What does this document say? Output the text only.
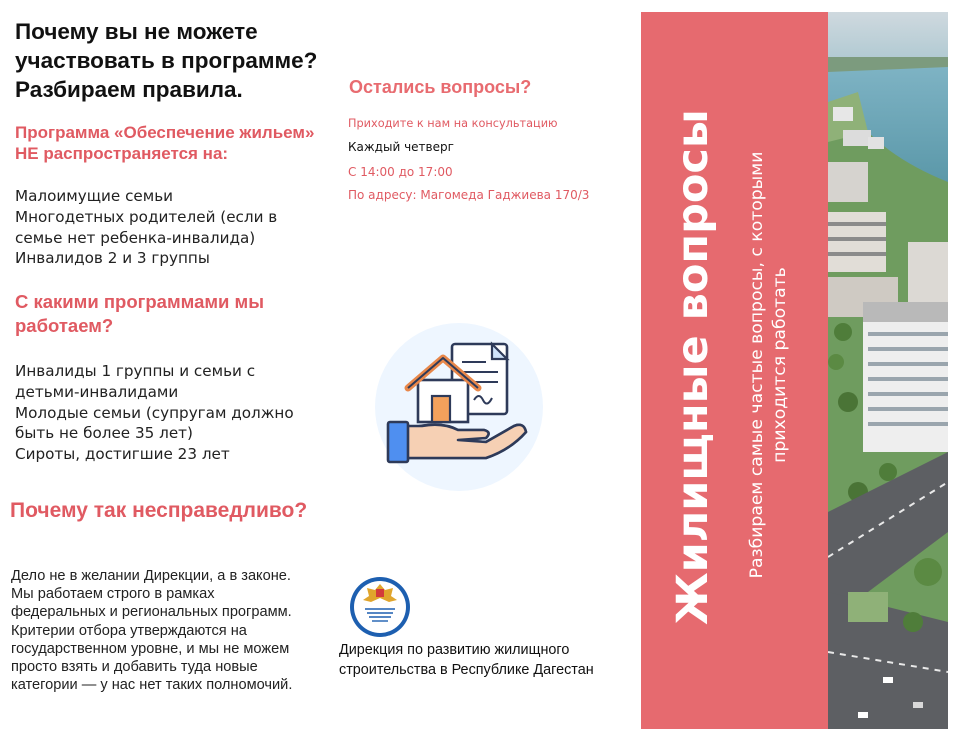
Почему вы не можете участвовать в программе? Разбираем правила.
Программа «Обеспечение жильем» НЕ распространяется на:
Малоимущие семьи
Многодетных родителей (если в семье нет ребенка-инвалида)
Инвалидов 2 и 3 группы
С какими программами мы работаем?
Инвалиды 1 группы и семьи с детьми-инвалидами
Молодые семьи (супругам должно быть не более 35 лет)
Сироты, достигшие 23 лет
Почему так несправедливо?
Дело не в желании Дирекции, а в законе. Мы работаем строго в рамках федеральных и региональных программ. Критерии отбора утверждаются на государственном уровне, и мы не можем просто взять и добавить туда новые категории — у нас нет таких полномочий.
Остались вопросы?
Приходите к нам на консультацию
Каждый четверг
С 14:00 до 17:00
По адресу: Магомеда Гаджиева 170/3
Дирекция по развитию жилищного строительства в Республике Дагестан
Жилищные вопросы Разбираем самые частые вопросы, с которыми приходится работать
